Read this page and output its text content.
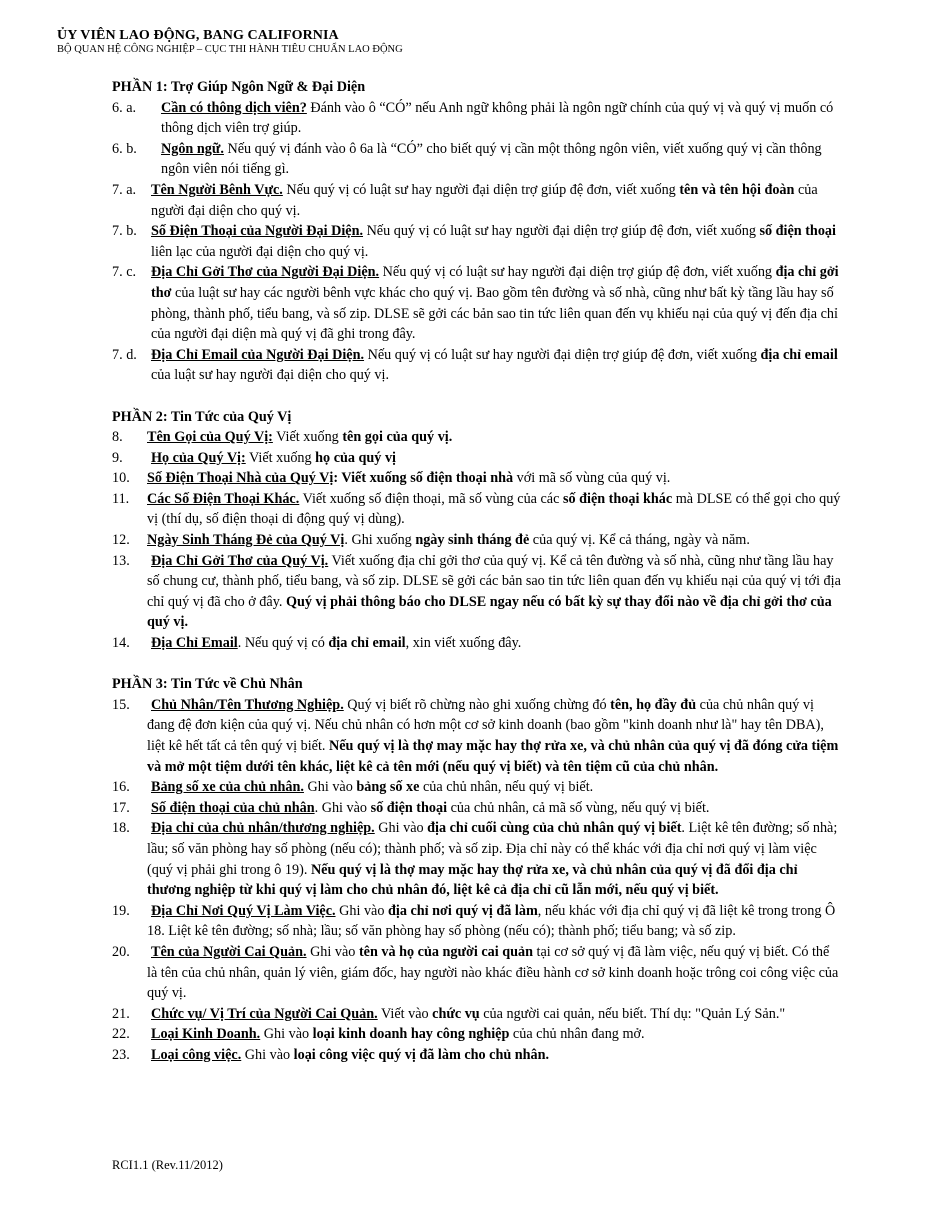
ỦY VIÊN LAO ĐỘNG, BANG CALIFORNIA
BỘ QUAN HỆ CÔNG NGHIỆP – CỤC THI HÀNH TIÊU CHUẨN LAO ĐỘNG
PHẦN 1: Trợ Giúp Ngôn Ngữ & Đại Diện
6. a. Cần có thông dịch viên? Đánh vào ô “CÓ” nếu Anh ngữ không phải là ngôn ngữ chính của quý vị và quý vị muốn có thông dịch viên trợ giúp.
6. b. Ngôn ngữ. Nếu quý vị đánh vào ô 6a là “CÓ” cho biết quý vị cần một thông ngôn viên, viết xuống quý vị cần thông ngôn viên nói tiếng gì.
7. a. Tên Người Bênh Vực. Nếu quý vị có luật sư hay người đại diện trợ giúp đệ đơn, viết xuống tên và tên hội đoàn của người đại diện cho quý vị.
7. b. Số Điện Thoại của Người Đại Diện. Nếu quý vị có luật sư hay người đại diện trợ giúp đệ đơn, viết xuống số điện thoại liên lạc của người đại diện cho quý vị.
7. c. Địa Chỉ Gởi Thơ của Người Đại Diện. Nếu quý vị có luật sư hay người đại diện trợ giúp đệ đơn, viết xuống địa chỉ gởi thơ của luật sư hay các người bênh vực khác cho quý vị. Bao gồm tên đường và số nhà, cũng như bất kỳ tầng lầu hay số phòng, thành phố, tiểu bang, và số zip. DLSE sẽ gởi các bản sao tin tức liên quan đến vụ khiếu nại của quý vị đến địa chỉ của người đại diện mà quý vị đã ghi trong đây.
7. d. Địa Chỉ Email của Người Đại Diện. Nếu quý vị có luật sư hay người đại diện trợ giúp đệ đơn, viết xuống địa chỉ email của luật sư hay người đại diện cho quý vị.
PHẦN 2: Tin Tức của Quý Vị
8. Tên Gọi của Quý Vị: Viết xuống tên gọi của quý vị.
9. Họ của Quý Vị: Viết xuống họ của quý vị
10. Số Điện Thoại Nhà của Quý Vị: Viết xuống số điện thoại nhà với mã số vùng của quý vị.
11. Các Số Điện Thoại Khác. Viết xuống số điện thoại, mã số vùng của các số điện thoại khác mà DLSE có thể gọi cho quý vị (thí dụ, số điện thoại di động quý vị dùng).
12. Ngày Sinh Tháng Đẻ của Quý Vị. Ghi xuống ngày sinh tháng đẻ của quý vị. Kể cả tháng, ngày và năm.
13. Địa Chỉ Gởi Thơ của Quý Vị. Viết xuống địa chỉ gởi thơ của quý vị. Kể cả tên đường và số nhà, cũng như tầng lầu hay số chung cư, thành phố, tiểu bang, và số zip. DLSE sẽ gởi các bản sao tin tức liên quan đến vụ khiếu nại của quý vị tới địa chỉ quý vị đã cho ở đây. Quý vị phải thông báo cho DLSE ngay nếu có bất kỳ sự thay đổi nào về địa chỉ gởi thơ của quý vị.
14. Địa Chỉ Email. Nếu quý vị có địa chỉ email, xin viết xuống đây.
PHẦN 3: Tin Tức về Chủ Nhân
15. Chủ Nhân/Tên Thương Nghiệp. Quý vị biết rõ chừng nào ghi xuống chừng đó tên, họ đầy đủ của chủ nhân quý vị đang đệ đơn kiện của quý vị. Nếu chủ nhân có hơn một cơ sở kinh doanh (bao gồm "kinh doanh như là" hay tên DBA), liệt kê hết tất cả tên quý vị biết. Nếu quý vị là thợ may mặc hay thợ rửa xe, và chủ nhân của quý vị đã đóng cửa tiệm và mở một tiệm dưới tên khác, liệt kê cả tên mới (nếu quý vị biết) và tên tiệm cũ của chủ nhân.
16. Bảng số xe của chủ nhân. Ghi vào bảng số xe của chủ nhân, nếu quý vị biết.
17. Số điện thoại của chủ nhân. Ghi vào số điện thoại của chủ nhân, cả mã số vùng, nếu quý vị biết.
18. Địa chỉ của chủ nhân/thương nghiệp. Ghi vào địa chỉ cuối cùng của chủ nhân quý vị biết. Liệt kê tên đường; số nhà; lầu; số văn phòng hay số phòng (nếu có); thành phố; và số zip. Địa chỉ này có thể khác với địa chỉ nơi quý vị làm việc (quý vị phải ghi trong ô 19). Nếu quý vị là thợ may mặc hay thợ rửa xe, và chủ nhân của quý vị đã đổi địa chỉ thương nghiệp từ khi quý vị làm cho chủ nhân đó, liệt kê cả địa chỉ cũ lẫn mới, nếu quý vị biết.
19. Địa Chỉ Nơi Quý Vị Làm Việc. Ghi vào địa chỉ nơi quý vị đã làm, nếu khác với địa chỉ quý vị đã liệt kê trong trong Ô 18. Liệt kê tên đường; số nhà; lầu; số văn phòng hay số phòng (nếu có); thành phố; tiểu bang; và số zip.
20. Tên của Người Cai Quản. Ghi vào tên và họ của người cai quản tại cơ sở quý vị đã làm việc, nếu quý vị biết. Có thể là tên của chủ nhân, quản lý viên, giám đốc, hay người nào khác điều hành cơ sở kinh doanh hoặc trông coi công việc của quý vị.
21. Chức vụ/ Vị Trí của Người Cai Quản. Viết vào chức vụ của người cai quản, nếu biết. Thí dụ: "Quản Lý Sản."
22. Loại Kinh Doanh. Ghi vào loại kinh doanh hay công nghiệp của chủ nhân đang mở.
23. Loại công việc. Ghi vào loại công việc quý vị đã làm cho chủ nhân.
RCI1.1 (Rev.11/2012)
